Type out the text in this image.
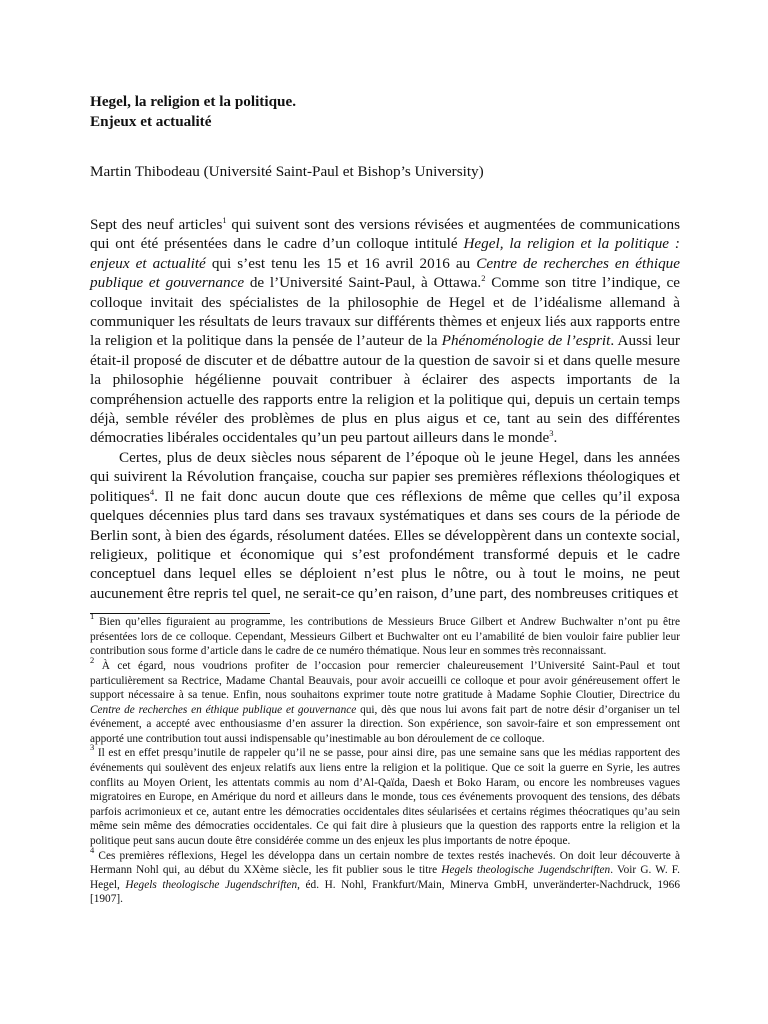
Hegel, la religion et la politique.

Enjeux et actualité

Martin Thibodeau (Université Saint-Paul et Bishop’s University)

Sept des neuf articles$^1$ qui suivent sont des versions révisées et augmentées de communications qui ont été présentées dans le cadre d’un colloque intitulé Hegel, la religion et la politique : enjeux et actualité qui s’est tenu les 15 et 16 avril 2016 au Centre de recherches en éthique publique et gouvernance de l’Université Saint-Paul, à Ottawa.$^2$ Comme son titre l’indique, ce colloque invitait des spécialistes de la philosophie de Hegel et de l’idéalisme allemand à communiquer les résultats de leurs travaux sur différents thèmes et enjeux liés aux rapports entre la religion et la politique dans la pensée de l’auteur de la Phénoménologie de l’esprit. Aussi leur était-il proposé de discuter et de débattre autour de la question de savoir si et dans quelle mesure la philosophie hégélienne pouvait contribuer à éclairer des aspects importants de la compréhension actuelle des rapports entre la religion et la politique qui, depuis un certain temps déjà, semble révéler des problèmes de plus en plus aigus et ce, tant au sein des différentes démocraties libérales occidentales qu’un peu partout ailleurs dans le monde$^3$.

Certes, plus de deux siècles nous séparent de l’époque où le jeune Hegel, dans les années qui suivirent la Révolution française, coucha sur papier ses premières réflexions théologiques et politiques$^4$. Il ne fait donc aucun doute que ces réflexions de même que celles qu’il exposa quelques décennies plus tard dans ses travaux systématiques et dans ses cours de la période de Berlin sont, à bien des égards, résolument datées. Elles se développèrent dans un contexte social, religieux, politique et économique qui s’est profondément transformé depuis et le cadre conceptuel dans lequel elles se déploient n’est plus le nôtre, ou à tout le moins, ne peut aucunement être repris tel quel, ne serait-ce qu’en raison, d’une part, des nombreuses critiques et

$^1$ Bien qu’elles figuraient au programme, les contributions de Messieurs Bruce Gilbert et Andrew Buchwalter n’ont pu être présentées lors de ce colloque. Cependant, Messieurs Gilbert et Buchwalter ont eu l’amabilité de bien vouloir faire publier leur contribution sous forme d’article dans le cadre de ce numéro thématique. Nous leur en sommes très reconnaissant.

$^2$ À cet égard, nous voudrions profiter de l’occasion pour remercier chaleureusement l’Université Saint-Paul et tout particulièrement sa Rectrice, Madame Chantal Beauvais, pour avoir accueilli ce colloque et pour avoir généreusement offert le support nécessaire à sa tenue. Enfin, nous souhaitons exprimer toute notre gratitude à Madame Sophie Cloutier, Directrice du Centre de recherches en éthique publique et gouvernance qui, dès que nous lui avons fait part de notre désir d’organiser un tel événement, a accepté avec enthousiasme d’en assurer la direction. Son expérience, son savoir-faire et son empressement ont apporté une contribution tout aussi indispensable qu’inestimable au bon déroulement de ce colloque.

$^3$ Il est en effet presqu’inutile de rappeler qu’il ne se passe, pour ainsi dire, pas une semaine sans que les médias rapportent des événements qui soulèvent des enjeux relatifs aux liens entre la religion et la politique. Que ce soit la guerre en Syrie, les autres conflits au Moyen Orient, les attentats commis au nom d’Al-Qaïda, Daesh et Boko Haram, ou encore les nombreuses vagues migratoires en Europe, en Amérique du nord et ailleurs dans le monde, tous ces événements provoquent des tensions, des débats parfois acrimonieux et ce, autant entre les démocraties occidentales dites séularisées et certains régimes théocratiques qu’au sein même sein même des démocraties occidentales. Ce qui fait dire à plusieurs que la question des rapports entre la religion et la politique peut sans aucun doute être considérée comme un des enjeux les plus importants de notre époque.

$^4$ Ces premières réflexions, Hegel les développa dans un certain nombre de textes restés inachevés. On doit leur découverte à Hermann Nohl qui, au début du XXème siècle, les fit publier sous le titre Hegels theologische Jugendschriften. Voir G. W. F. Hegel, Hegels theologische Jugendschriften, éd. H. Nohl, Frankfurt/Main, Minerva GmbH, unveränderter-Nachdruck, 1966 [1907].
